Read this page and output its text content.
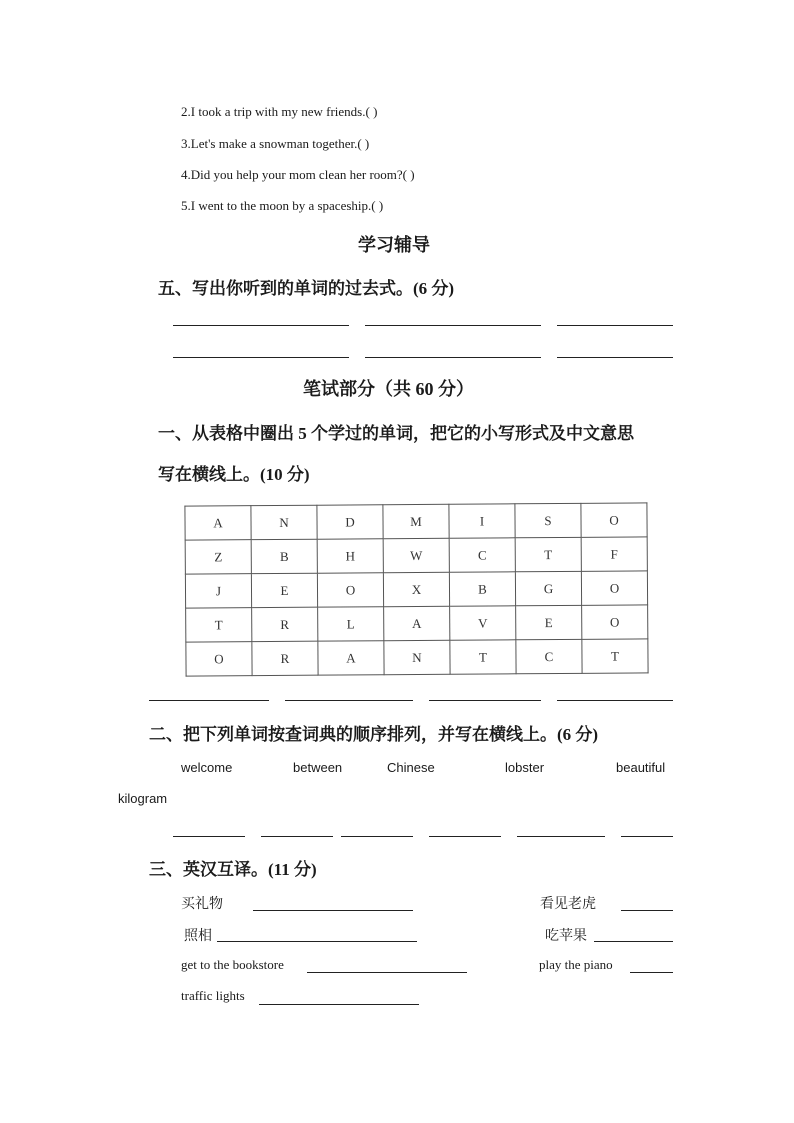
2.I took a trip with my new friends.( )
3.Let's make a snowman together.( )
4.Did you help your mom clean her room?( )
5.I went to the moon by a spaceship.( )
学习辅导
五、写出你听到的单词的过去式。(6 分)
笔试部分（共 60 分）
一、从表格中圈出 5 个学过的单词，把它的小写形式及中文意思
写在横线上。(10 分)
A	N	D	M	I	S	O
Z	B	H	W	C	T	F
J	E	O	X	B	G	O
T	R	L	A	V	E	O
O	R	A	N	T	C	T
二、把下列单词按查词典的顺序排列，并写在横线上。(6 分)
welcome	between	Chinese	lobster	beautiful
kilogram
三、英汉互译。(11 分)
买礼物	看见老虎
照相	吃苹果
get to the bookstore	play the piano
traffic lights
